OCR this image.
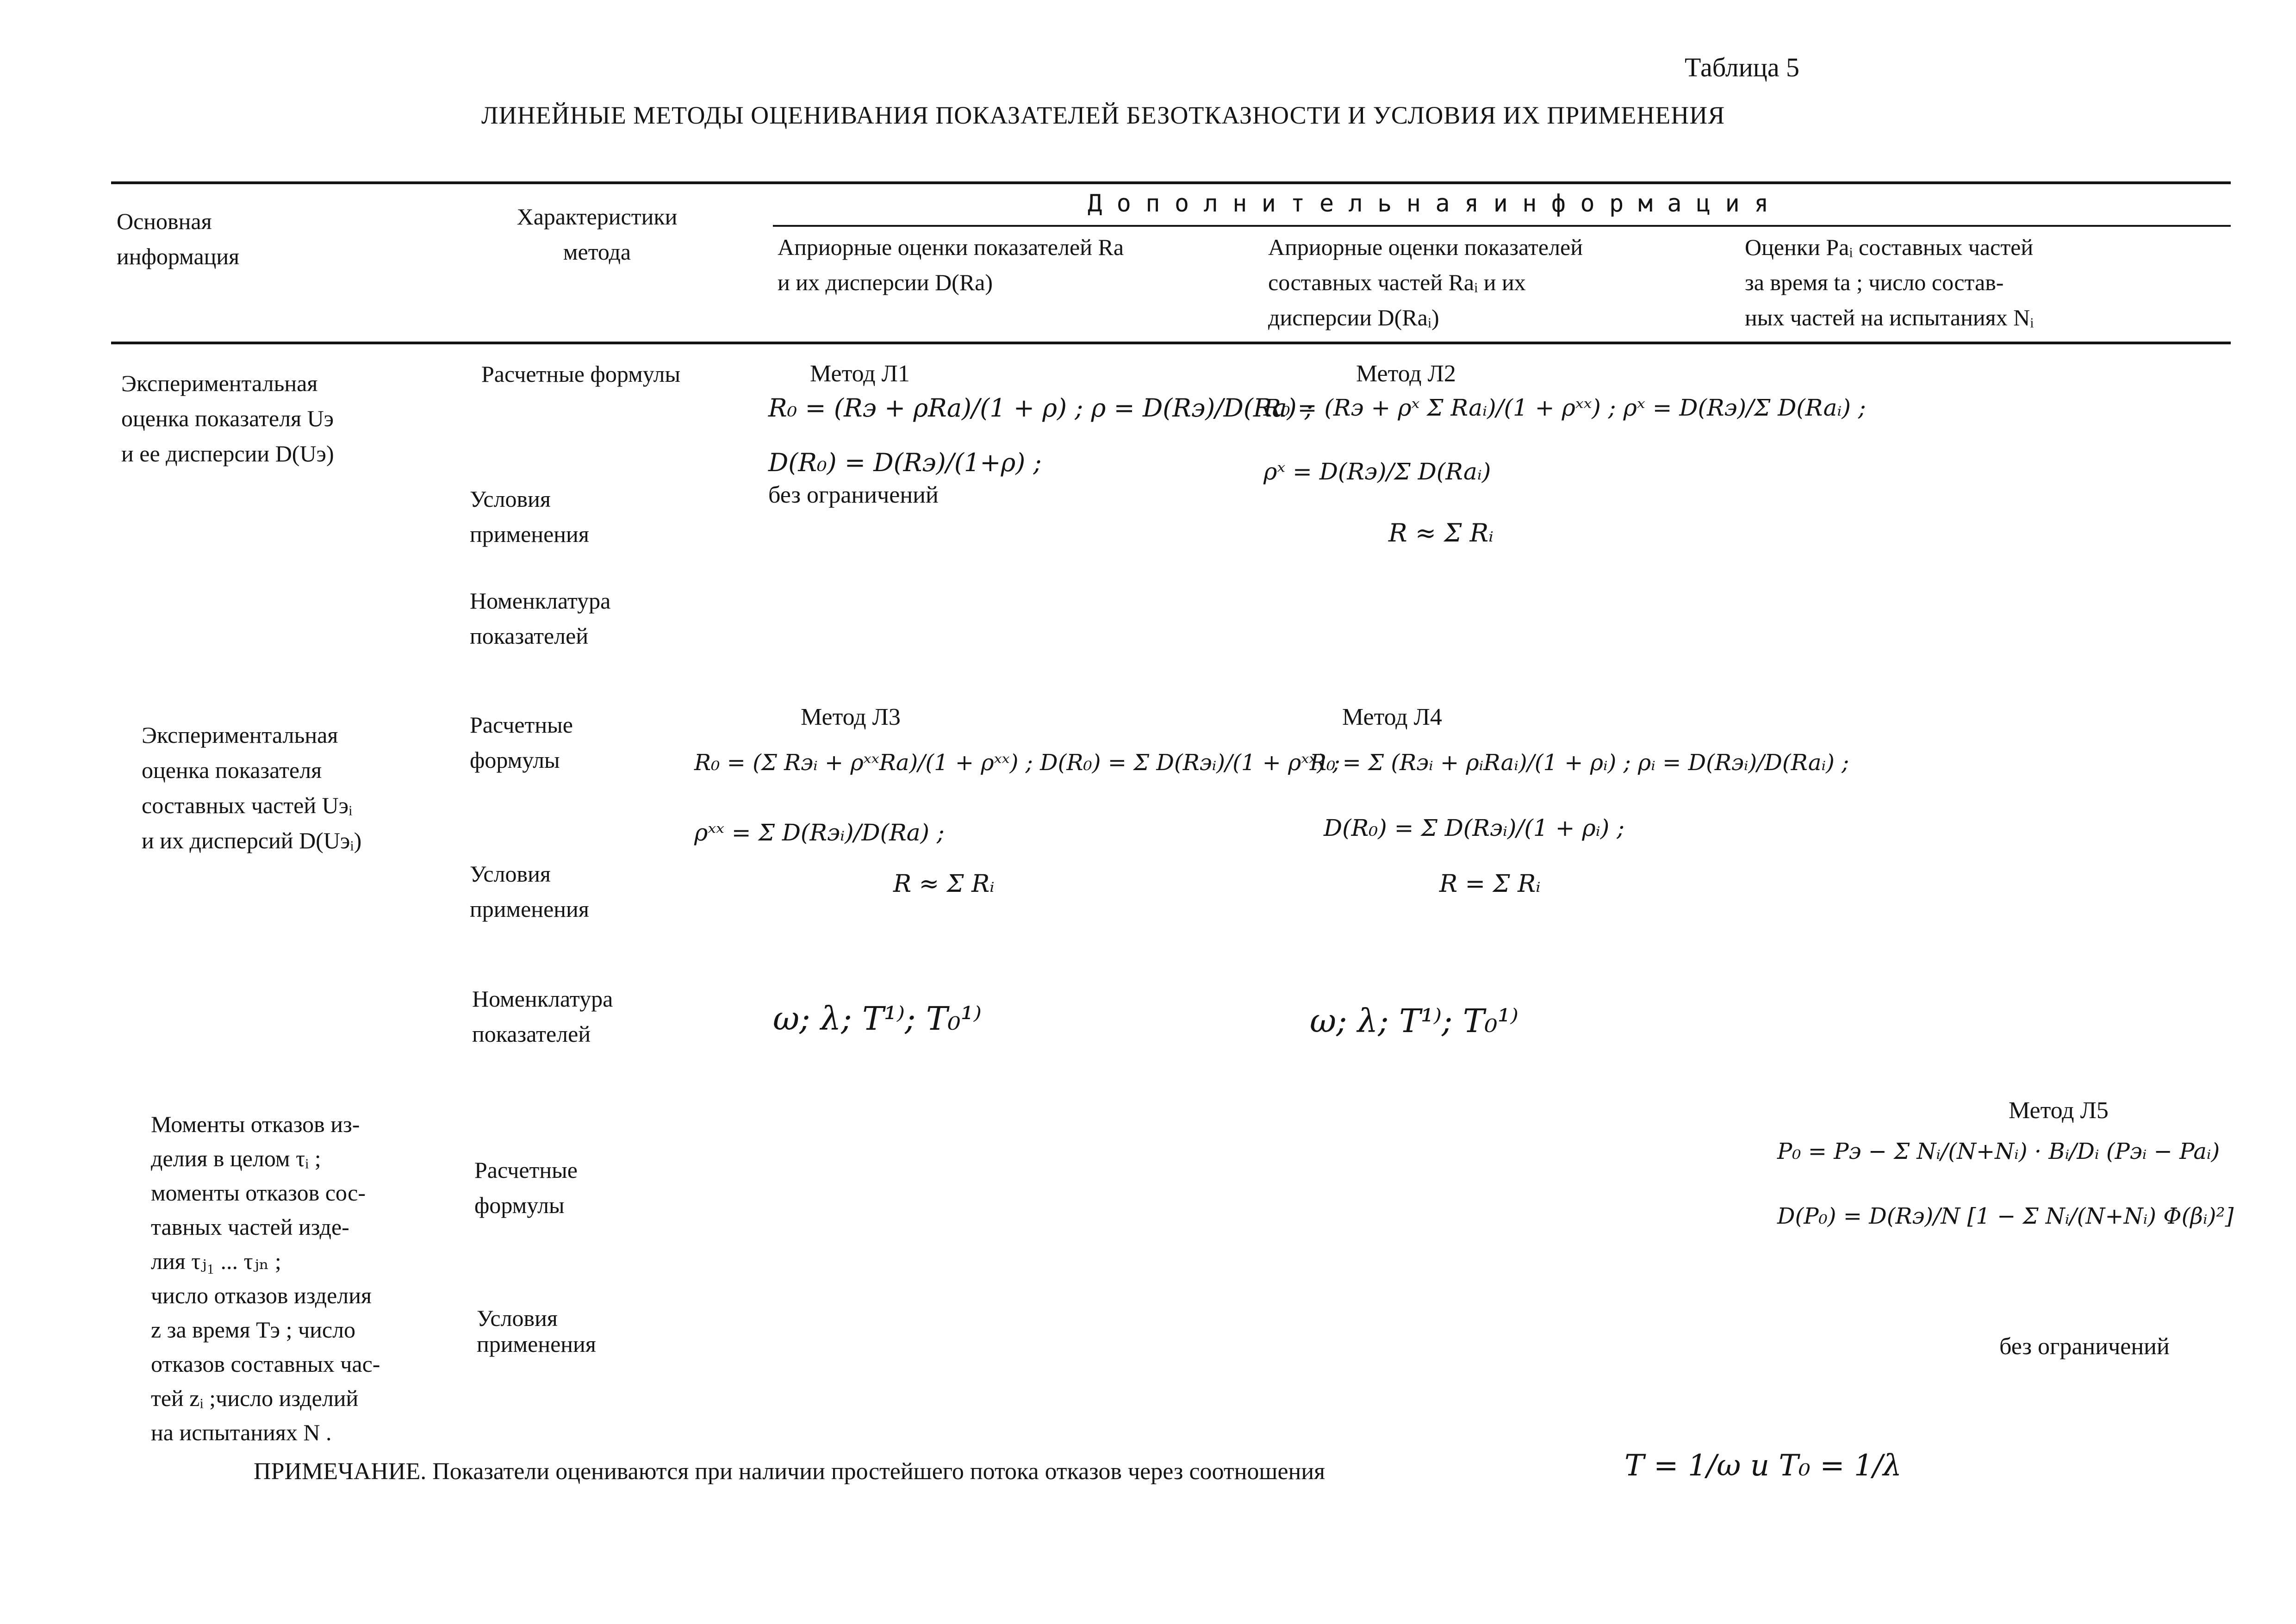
Таблица 5
ЛИНЕЙНЫЕ МЕТОДЫ ОЦЕНИВАНИЯ ПОКАЗАТЕЛЕЙ БЕЗОТКАЗНОСТИ И УСЛОВИЯ ИХ ПРИМЕНЕНИЯ
Основная
информация
Характеристики
метода
Д о п о л н и т е л ь н а я и н ф о р м а ц и я
Априорные оценки показателей Rа
и их дисперсии D(Rа)
Априорные оценки показателей
составных частей Raᵢ и их
дисперсии D(Raᵢ)
Оценки Paᵢ составных частей
за время tа ; число состав-
ных частей на испытаниях Nᵢ
Экспериментальная
оценка показателя Uэ
и ее дисперсии D(Uэ)
Расчетные формулы
Условия
применения
Номенклатура
показателей
Метод Л1
R₀ = (Rэ + ρRа)/(1 + ρ) ; ρ = D(Rэ)/D(Rа) ;
D(R₀) = D(Rэ)/(1+ρ) ;
без ограничений
Метод Л2
R₀ = (Rэ + ρˣ Σ Raᵢ)/(1 + ρˣˣ) ; ρˣ = D(Rэ)/Σ D(Raᵢ) ;
ρˣ = D(Rэ)/Σ D(Raᵢ)
R ≈ Σ Rᵢ
Экспериментальная
оценка показателя
составных частей Uэᵢ
и их дисперсий D(Uэᵢ)
Расчетные
формулы
Условия
применения
Номенклатура
показателей
Метод Л3
R₀ = (Σ Rэᵢ + ρˣˣRа)/(1 + ρˣˣ) ; D(R₀) = Σ D(Rэᵢ)/(1 + ρˣˣ) ;
ρˣˣ = Σ D(Rэᵢ)/D(Rа) ;
R ≈ Σ Rᵢ
ω; λ; T¹⁾; T₀¹⁾
Метод Л4
R₀ = Σ (Rэᵢ + ρᵢRaᵢ)/(1 + ρᵢ) ; ρᵢ = D(Rэᵢ)/D(Raᵢ) ;
D(R₀) = Σ D(Rэᵢ)/(1 + ρᵢ) ;
R = Σ Rᵢ
ω; λ; T¹⁾; T₀¹⁾
Моменты отказов из-
делия в целом τᵢ ;
моменты отказов сос-
тавных частей изде-
лия τⱼ₁ ... τⱼₙ ;
число отказов изделия
z за время Tэ ; число
отказов составных час-
тей zᵢ ;число изделий
на испытаниях N .
Расчетные
формулы
Условия
применения
Метод Л5
P₀ = Pэ − Σ Nᵢ/(N+Nᵢ) · Bᵢ/Dᵢ (Pэᵢ − Paᵢ)
D(P₀) = D(Rэ)/N [1 − Σ Nᵢ/(N+Nᵢ) Φ(βᵢ)²]
без ограничений
ПРИМЕЧАНИЕ. Показатели оцениваются при наличии простейшего потока отказов через соотношения	T = 1/ω и T₀ = 1/λ
